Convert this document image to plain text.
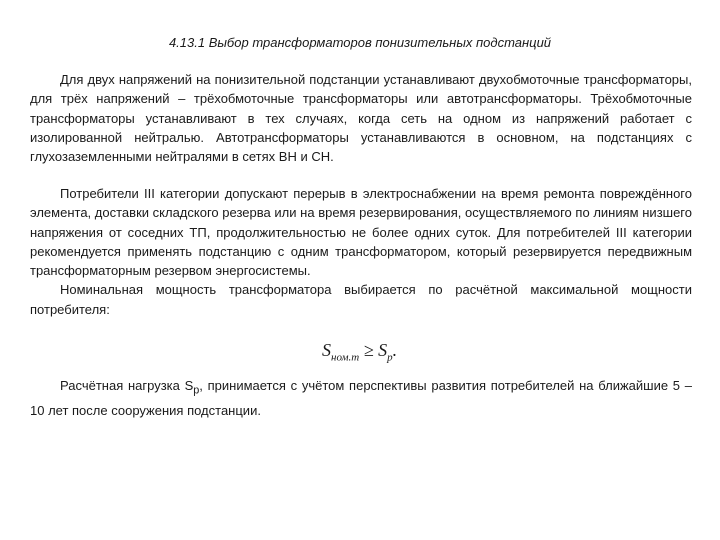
4.13.1 Выбор трансформаторов понизительных подстанций

Для двух напряжений на понизительной подстанции устанавливают двухобмоточные трансформаторы, для трёх напряжений – трёхобмоточные трансформаторы или автотрансформаторы. Трёхобмоточные трансформаторы устанавливают в тех случаях, когда сеть на одном из напряжений работает с изолированной нейтралью. Автотрансформаторы устанавливаются в основном, на подстанциях с глухозаземленными нейтралями в сетях ВН и СН.

Потребители III категории допускают перерыв в электроснабжении на время ремонта повреждённого элемента, доставки складского резерва или на время резервирования, осуществляемого по линиям низшего напряжения от соседних ТП, продолжительностью не более одних суток. Для потребителей III категории рекомендуется применять подстанцию с одним трансформатором, который резервируется передвижным трансформаторным резервом энергосистемы.

Номинальная мощность трансформатора выбирается по расчётной максимальной мощности потребителя:

$S_{ном.т} \ge S_p$.

Расчётная нагрузка $S_p$, принимается с учётом перспективы развития потребителей на ближайшие 5 – 10 лет после сооружения подстанции.
